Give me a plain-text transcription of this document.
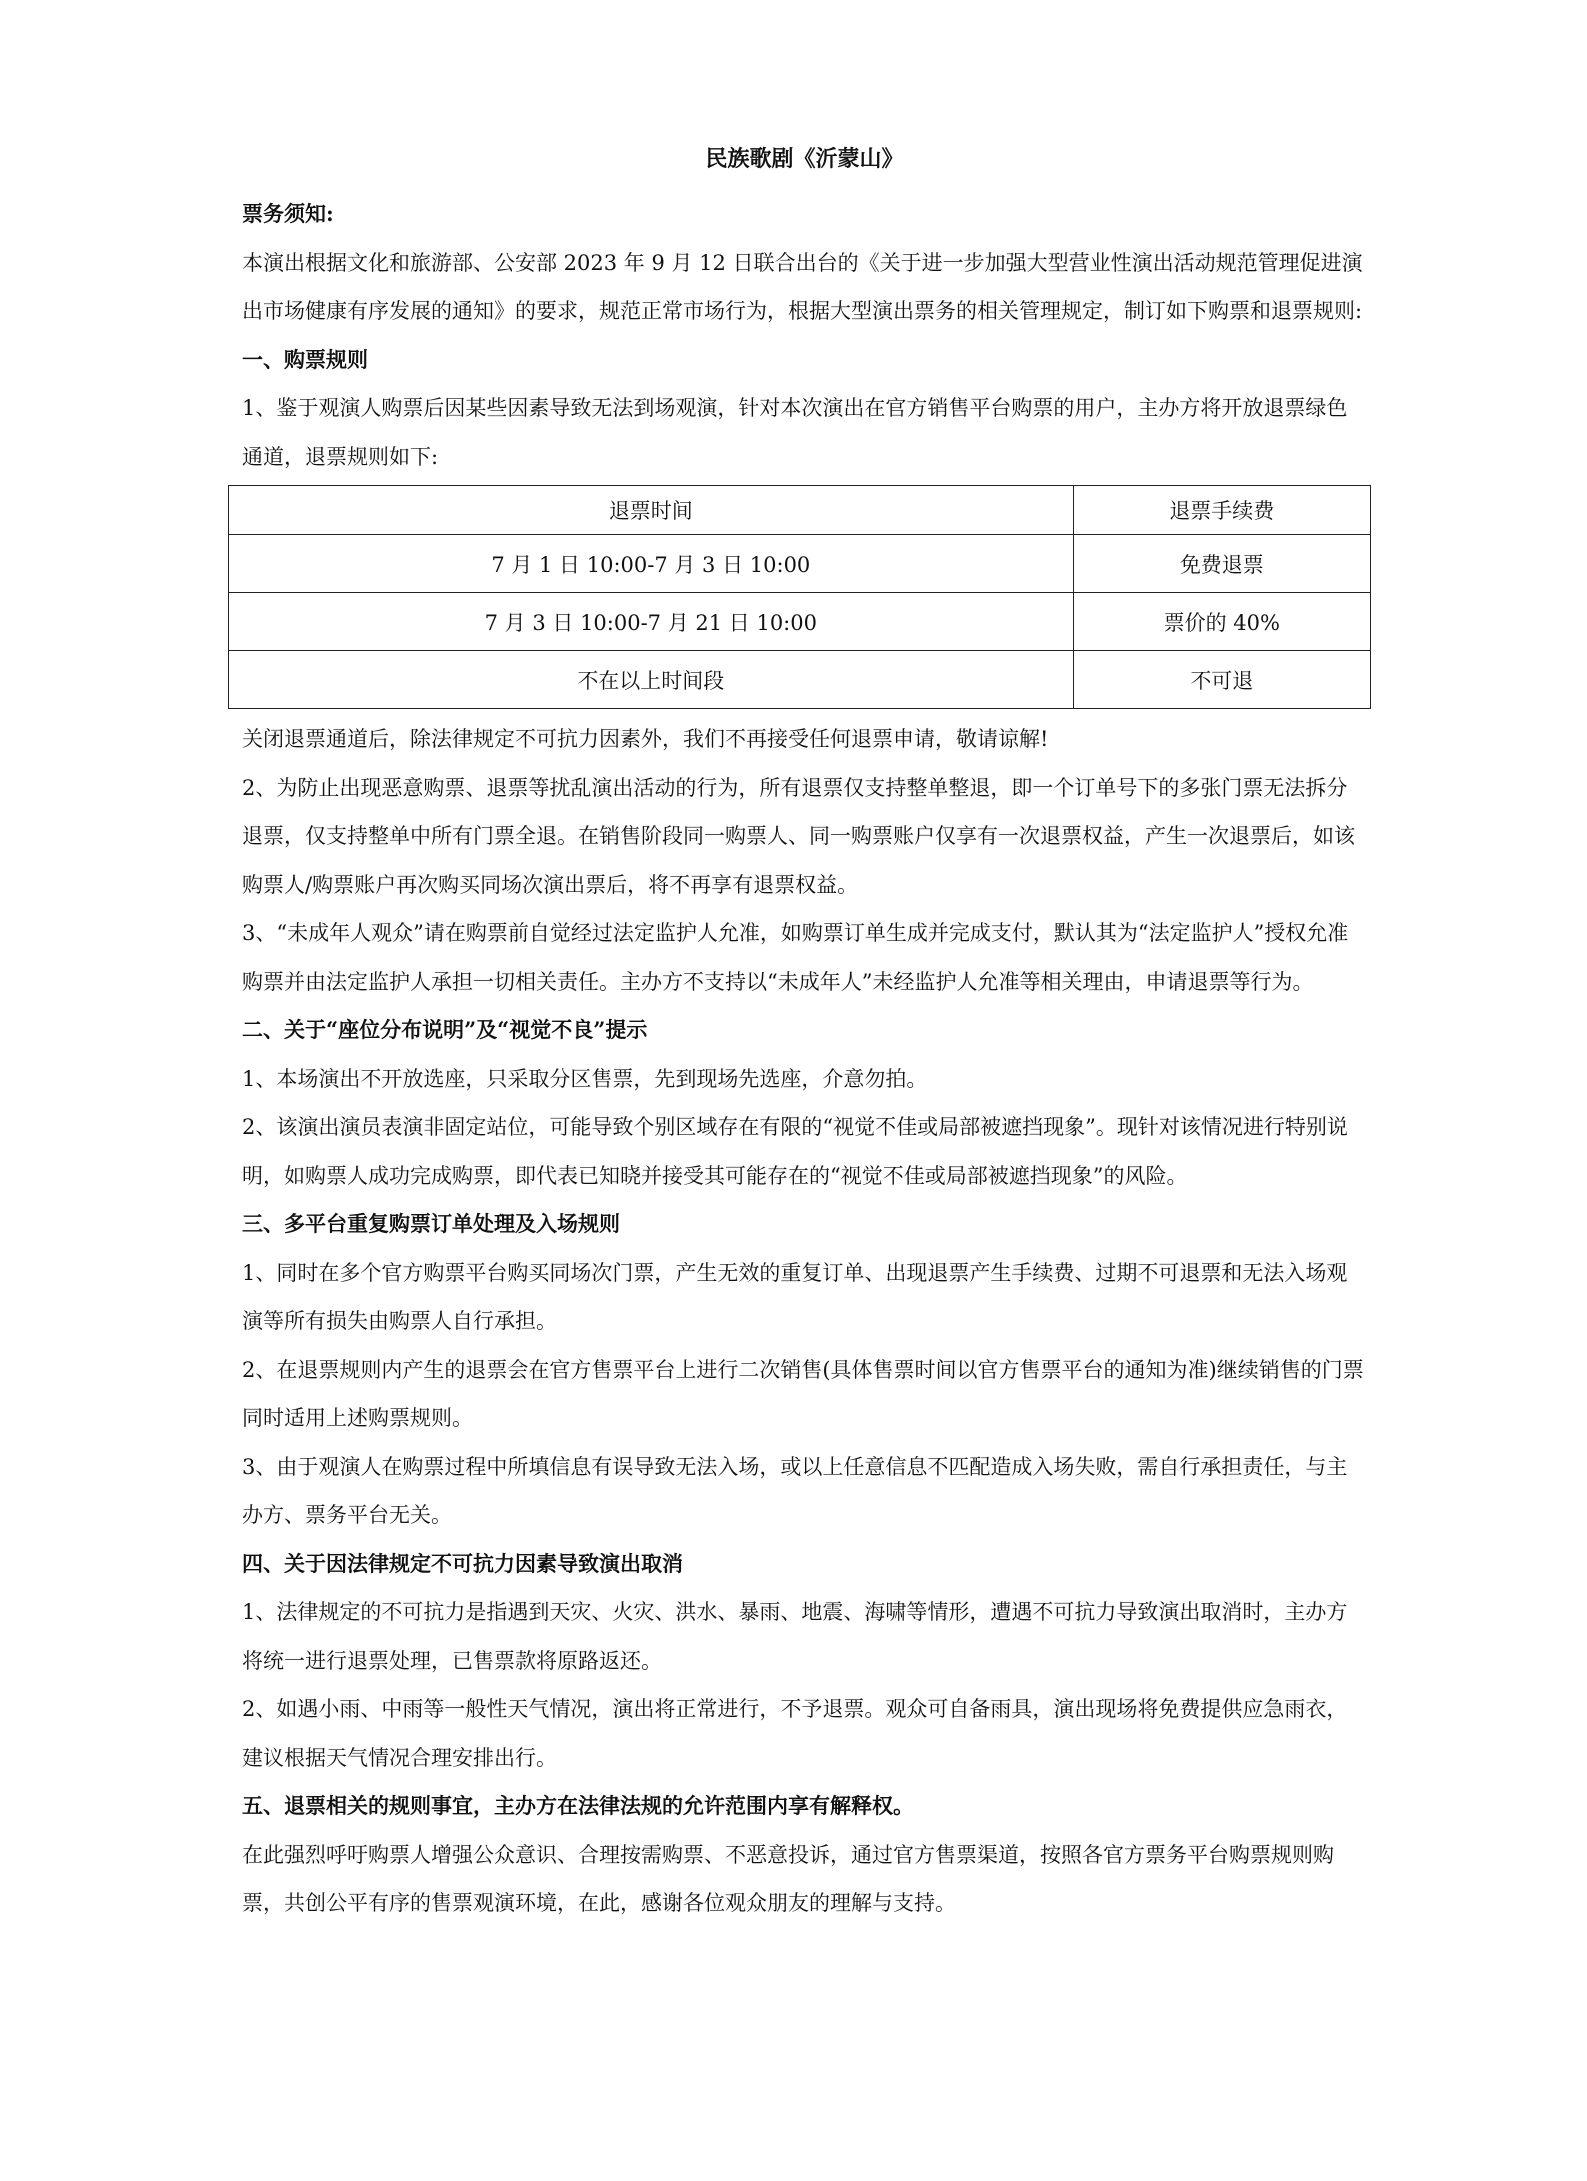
民族歌剧《沂蒙山》

票务须知:

本演出根据文化和旅游部、公安部 2023 年 9 月 12 日联合出台的《关于进一步加强大型营业性演出活动规范管理促进演出市场健康有序发展的通知》的要求，规范正常市场行为，根据大型演出票务的相关管理规定，制订如下购票和退票规则:

一、购票规则

1、鉴于观演人购票后因某些因素导致无法到场观演，针对本次演出在官方销售平台购票的用户，主办方将开放退票绿色通道，退票规则如下:

退票时间	退票手续费
7 月 1 日 10:00-7 月 3 日 10:00	免费退票
7 月 3 日 10:00-7 月 21 日 10:00	票价的 40%
不在以上时间段	不可退

关闭退票通道后，除法律规定不可抗力因素外，我们不再接受任何退票申请，敬请谅解!

2、为防止出现恶意购票、退票等扰乱演出活动的行为，所有退票仅支持整单整退，即一个订单号下的多张门票无法拆分退票，仅支持整单中所有门票全退。在销售阶段同一购票人、同一购票账户仅享有一次退票权益，产生一次退票后，如该购票人/购票账户再次购买同场次演出票后，将不再享有退票权益。

3、“未成年人观众”请在购票前自觉经过法定监护人允准，如购票订单生成并完成支付，默认其为“法定监护人”授权允准购票并由法定监护人承担一切相关责任。主办方不支持以“未成年人”未经监护人允准等相关理由，申请退票等行为。

二、关于“座位分布说明”及“视觉不良”提示

1、本场演出不开放选座，只采取分区售票，先到现场先选座，介意勿拍。

2、该演出演员表演非固定站位，可能导致个别区域存在有限的“视觉不佳或局部被遮挡现象”。现针对该情况进行特别说明，如购票人成功完成购票，即代表已知晓并接受其可能存在的“视觉不佳或局部被遮挡现象”的风险。

三、多平台重复购票订单处理及入场规则

1、同时在多个官方购票平台购买同场次门票，产生无效的重复订单、出现退票产生手续费、过期不可退票和无法入场观演等所有损失由购票人自行承担。

2、在退票规则内产生的退票会在官方售票平台上进行二次销售(具体售票时间以官方售票平台的通知为准)继续销售的门票同时适用上述购票规则。

3、由于观演人在购票过程中所填信息有误导致无法入场，或以上任意信息不匹配造成入场失败，需自行承担责任，与主办方、票务平台无关。

四、关于因法律规定不可抗力因素导致演出取消

1、法律规定的不可抗力是指遇到天灾、火灾、洪水、暴雨、地震、海啸等情形，遭遇不可抗力导致演出取消时，主办方将统一进行退票处理，已售票款将原路返还。

2、如遇小雨、中雨等一般性天气情况，演出将正常进行，不予退票。观众可自备雨具，演出现场将免费提供应急雨衣，建议根据天气情况合理安排出行。

五、退票相关的规则事宜，主办方在法律法规的允许范围内享有解释权。

在此强烈呼吁购票人增强公众意识、合理按需购票、不恶意投诉，通过官方售票渠道，按照各官方票务平台购票规则购票，共创公平有序的售票观演环境，在此，感谢各位观众朋友的理解与支持。
